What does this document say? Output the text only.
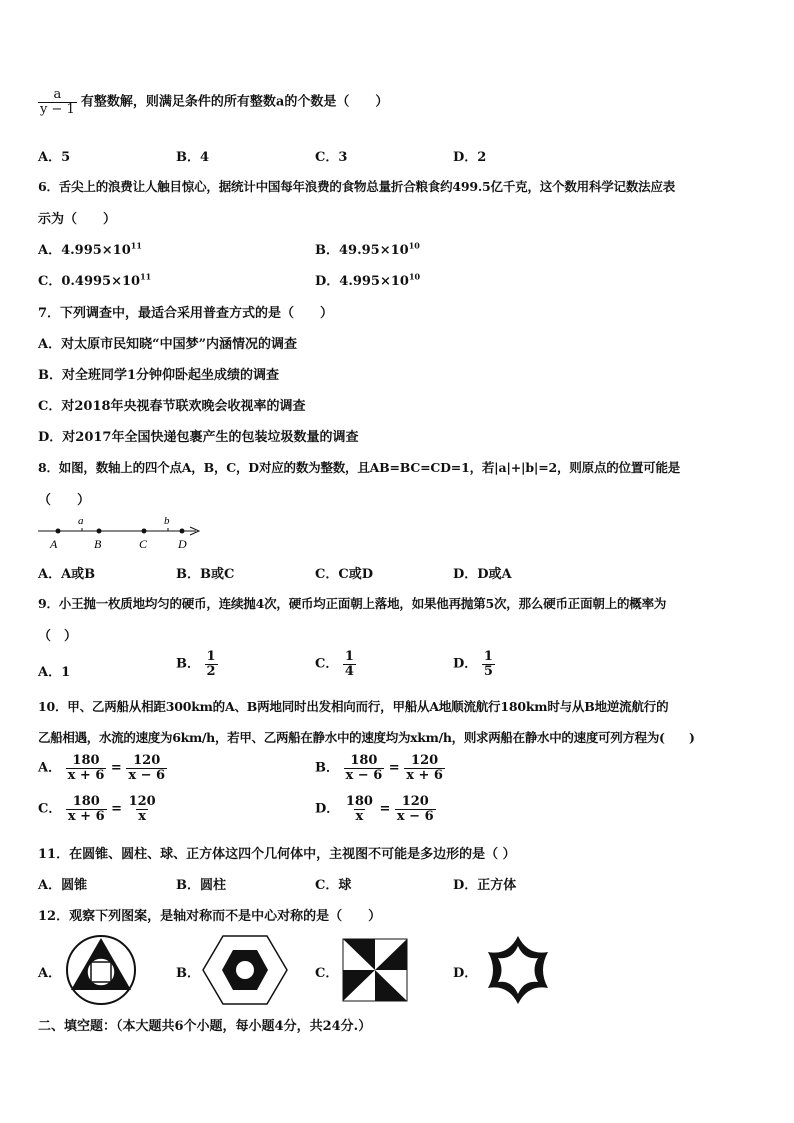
$\frac{a}{y - 1}$ 有整数解，则满足条件的所有整数a的个数是（　　）
A．5	B．4	C．3	D．2
6．舌尖上的浪费让人触目惊心，据统计中国每年浪费的食物总量折合粮食约499.5亿千克，这个数用科学记数法应表
示为（　　）
A．$4.995\times 10^{11}$	B．$49.95\times 10^{10}$
C．$0.4995\times 10^{11}$	D．$4.995\times 10^{10}$
7．下列调查中，最适合采用普查方式的是（　　）
A．对太原市民知晓“中国梦”内涵情况的调查
B．对全班同学1分钟仰卧起坐成绩的调查
C．对2018年央视春节联欢晚会收视率的调查
D．对2017年全国快递包裹产生的包装垃圾数量的调查
8．如图，数轴上的四个点A，B，C，D对应的数为整数，且AB=BC=CD=1，若|a|+|b|=2，则原点的位置可能是
（　　）
a	b
A	B	C	D
A．A或B	B．B或C	C．C或D	D．D或A
9．小王抛一枚质地均匀的硬币，连续抛4次，硬币均正面朝上落地，如果他再抛第5次，那么硬币正面朝上的概率为
（　）
A．1
B． $\frac{1}{2}$	C． $\frac{1}{4}$	D． $\frac{1}{5}$
10．甲、乙两船从相距300km的A、B两地同时出发相向而行，甲船从A地顺流航行180km时与从B地逆流航行的
乙船相遇，水流的速度为6km/h，若甲、乙两船在静水中的速度均为xkm/h，则求两船在静水中的速度可列方程为(　　)
A． $\frac{180}{x + 6} = \frac{120}{x - 6}$	B． $\frac{180}{x - 6} = \frac{120}{x + 6}$
C． $\frac{180}{x + 6} = \frac{120}{x}$	D． $\frac{180}{x} = \frac{120}{x - 6}$
11．在圆锥、圆柱、球、正方体这四个几何体中，主视图不可能是多边形的是（ ）
A．圆锥	B．圆柱	C．球	D．正方体
12．观察下列图案，是轴对称而不是中心对称的是（　　）
A．	B．	C．	D．
二、填空题：（本大题共6个小题，每小题4分，共24分.）
